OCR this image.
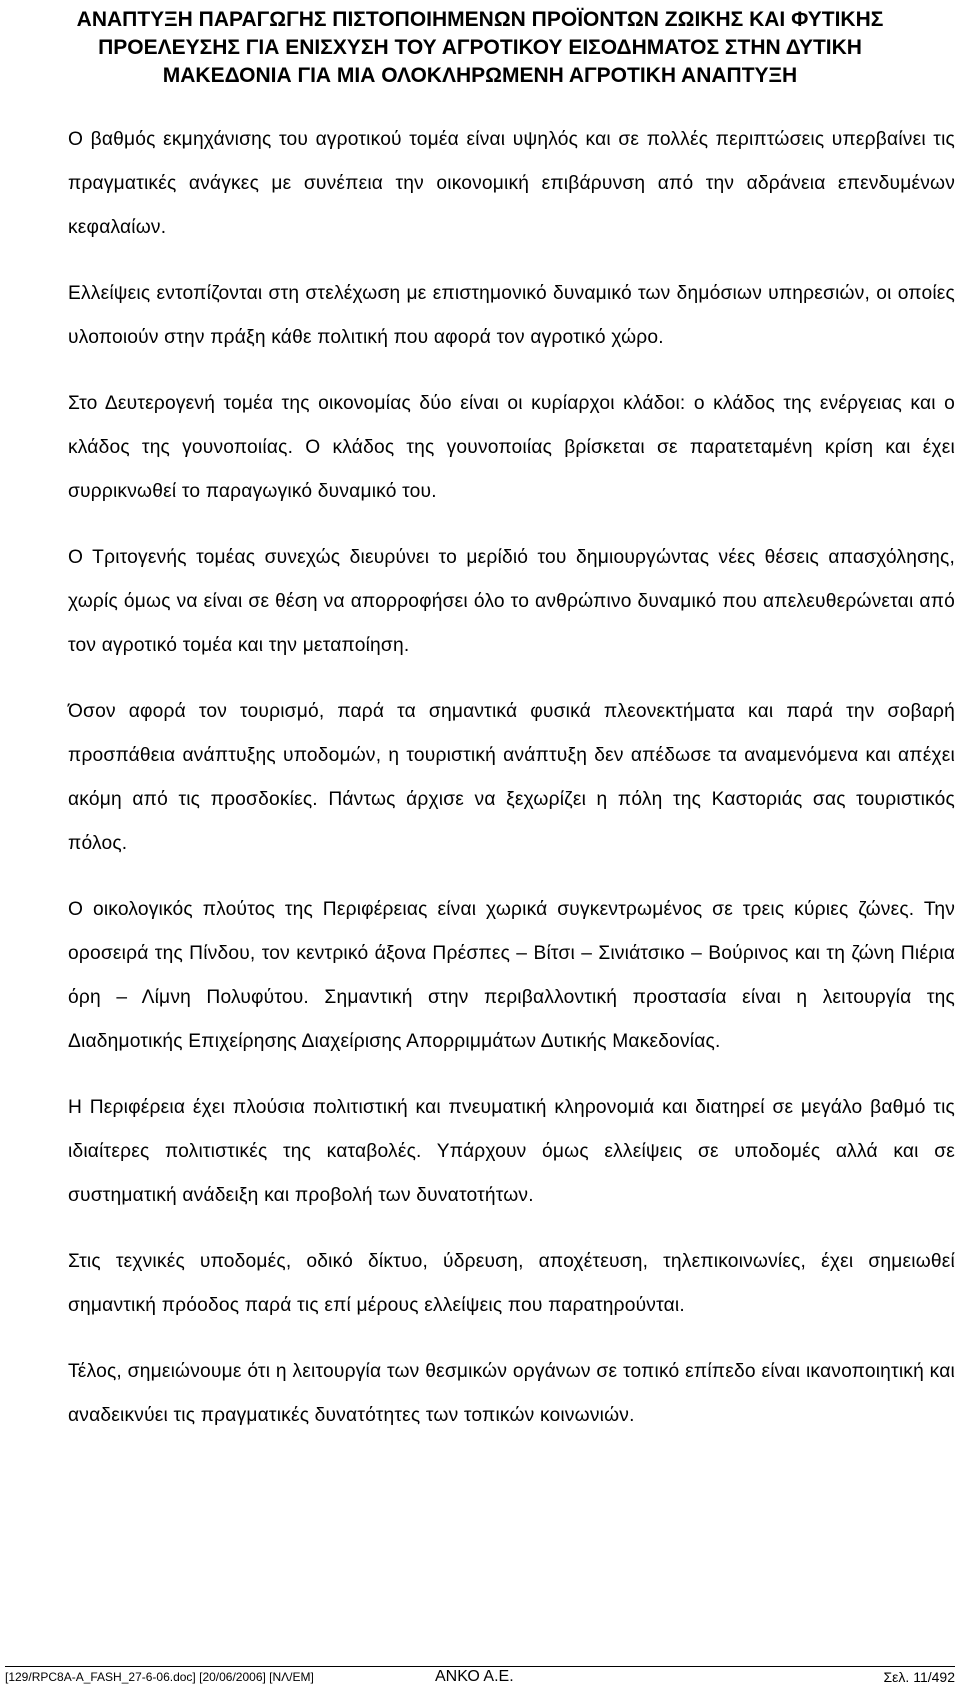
ΑΝΑΠΤΥΞΗ ΠΑΡΑΓΩΓΗΣ ΠΙΣΤΟΠΟΙΗΜΕΝΩΝ ΠΡΟΪΟΝΤΩΝ ΖΩΙΚΗΣ ΚΑΙ ΦΥΤΙΚΗΣ
ΠΡΟΕΛΕΥΣΗΣ ΓΙΑ ΕΝΙΣΧΥΣΗ ΤΟΥ ΑΓΡΟΤΙΚΟΥ ΕΙΣΟΔΗΜΑΤΟΣ ΣΤΗΝ ΔΥΤΙΚΗ
ΜΑΚΕΔΟΝΙΑ ΓΙΑ ΜΙΑ ΟΛΟΚΛΗΡΩΜΕΝΗ ΑΓΡΟΤΙΚΗ ΑΝΑΠΤΥΞΗ

Ο βαθμός εκμηχάνισης του αγροτικού τομέα είναι υψηλός και σε πολλές περιπτώσεις υπερβαίνει τις πραγματικές ανάγκες με συνέπεια την οικονομική επιβάρυνση από την αδράνεια επενδυμένων κεφαλαίων.

Ελλείψεις εντοπίζονται στη στελέχωση με επιστημονικό δυναμικό των δημόσιων υπηρεσιών, οι οποίες υλοποιούν στην πράξη κάθε πολιτική που αφορά τον αγροτικό χώρο.

Στο Δευτερογενή τομέα της οικονομίας δύο είναι οι κυρίαρχοι κλάδοι: ο κλάδος της ενέργειας και ο κλάδος της γουνοποιίας. Ο κλάδος της γουνοποιίας βρίσκεται σε παρατεταμένη κρίση και έχει συρρικνωθεί το παραγωγικό δυναμικό του.

Ο Τριτογενής τομέας συνεχώς διευρύνει το μερίδιό του δημιουργώντας νέες θέσεις απασχόλησης, χωρίς όμως να είναι σε θέση να απορροφήσει όλο το ανθρώπινο δυναμικό που απελευθερώνεται από τον αγροτικό τομέα και την μεταποίηση.

Όσον αφορά τον τουρισμό, παρά τα σημαντικά φυσικά πλεονεκτήματα και παρά την σοβαρή προσπάθεια ανάπτυξης υποδομών, η τουριστική ανάπτυξη δεν απέδωσε τα αναμενόμενα και απέχει ακόμη από τις προσδοκίες. Πάντως άρχισε να ξεχωρίζει η πόλη της Καστοριάς σας τουριστικός πόλος.

Ο οικολογικός πλούτος της Περιφέρειας είναι χωρικά συγκεντρωμένος σε τρεις κύριες ζώνες. Την οροσειρά της Πίνδου, τον κεντρικό άξονα Πρέσπες – Βίτσι – Σινιάτσικο – Βούρινος και τη ζώνη Πιέρια όρη – Λίμνη Πολυφύτου. Σημαντική στην περιβαλλοντική προστασία είναι η λειτουργία της Διαδημοτικής Επιχείρησης Διαχείρισης Απορριμμάτων Δυτικής Μακεδονίας.

Η Περιφέρεια έχει πλούσια πολιτιστική και πνευματική κληρονομιά και διατηρεί σε μεγάλο βαθμό τις ιδιαίτερες πολιτιστικές της καταβολές. Υπάρχουν όμως ελλείψεις σε υποδομές αλλά και σε συστηματική ανάδειξη και προβολή των δυνατοτήτων.

Στις τεχνικές υποδομές, οδικό δίκτυο, ύδρευση, αποχέτευση, τηλεπικοινωνίες, έχει σημειωθεί σημαντική πρόοδος παρά τις επί μέρους ελλείψεις που παρατηρούνται.

Τέλος, σημειώνουμε ότι η λειτουργία των θεσμικών οργάνων σε τοπικό επίπεδο είναι ικανοποιητική και αναδεικνύει τις πραγματικές δυνατότητες των τοπικών κοινωνιών.

[129/RPC8A-A_FASH_27-6-06.doc] [20/06/2006] [ΝΛ/ΕΜ]	ΑΝΚΟ Α.Ε.	Σελ. 11/492
